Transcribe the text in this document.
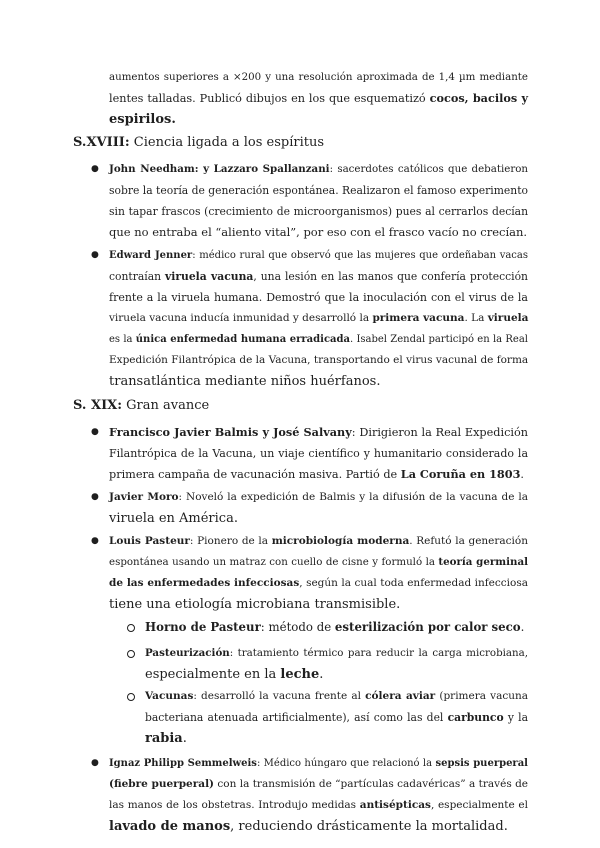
aumentos superiores a ×200 y una resolución aproximada de 1,4 µm mediante
lentes talladas. Publicó dibujos en los que esquematizó cocos, bacilos y
espirilos.
S.XVIII: Ciencia ligada a los espíritus
● John Needham: y Lazzaro Spallanzani: sacerdotes católicos que debatieron
sobre la teoría de generación espontánea. Realizaron el famoso experimento
sin tapar frascos (crecimiento de microorganismos) pues al cerrarlos decían
que no entraba el “aliento vital”, por eso con el frasco vacío no crecían.
● Edward Jenner: médico rural que observó que las mujeres que ordeñaban vacas
contraían viruela vacuna, una lesión en las manos que confería protección
frente a la viruela humana. Demostró que la inoculación con el virus de la
viruela vacuna inducía inmunidad y desarrolló la primera vacuna. La viruela
es la única enfermedad humana erradicada. Isabel Zendal participó en la Real
Expedición Filantrópica de la Vacuna, transportando el virus vacunal de forma
transatlántica mediante niños huérfanos.
S. XIX: Gran avance
● Francisco Javier Balmis y José Salvany: Dirigieron la Real Expedición
Filantrópica de la Vacuna, un viaje científico y humanitario considerado la
primera campaña de vacunación masiva. Partió de La Coruña en 1803.
● Javier Moro: Noveló la expedición de Balmis y la difusión de la vacuna de la
viruela en América.
● Louis Pasteur: Pionero de la microbiología moderna. Refutó la generación
espontánea usando un matraz con cuello de cisne y formuló la teoría germinal
de las enfermedades infecciosas, según la cual toda enfermedad infecciosa
tiene una etiología microbiana transmisible.
Horno de Pasteur: método de esterilización por calor seco.
Pasteurización: tratamiento térmico para reducir la carga microbiana,
especialmente en la leche.
Vacunas: desarrolló la vacuna frente al cólera aviar (primera vacuna
bacteriana atenuada artificialmente), así como las del carbunco y la
rabia.
● Ignaz Philipp Semmelweis: Médico húngaro que relacionó la sepsis puerperal
(fiebre puerperal) con la transmisión de “partículas cadavéricas” a través de
las manos de los obstetras. Introdujo medidas antisépticas, especialmente el
lavado de manos, reduciendo drásticamente la mortalidad.
